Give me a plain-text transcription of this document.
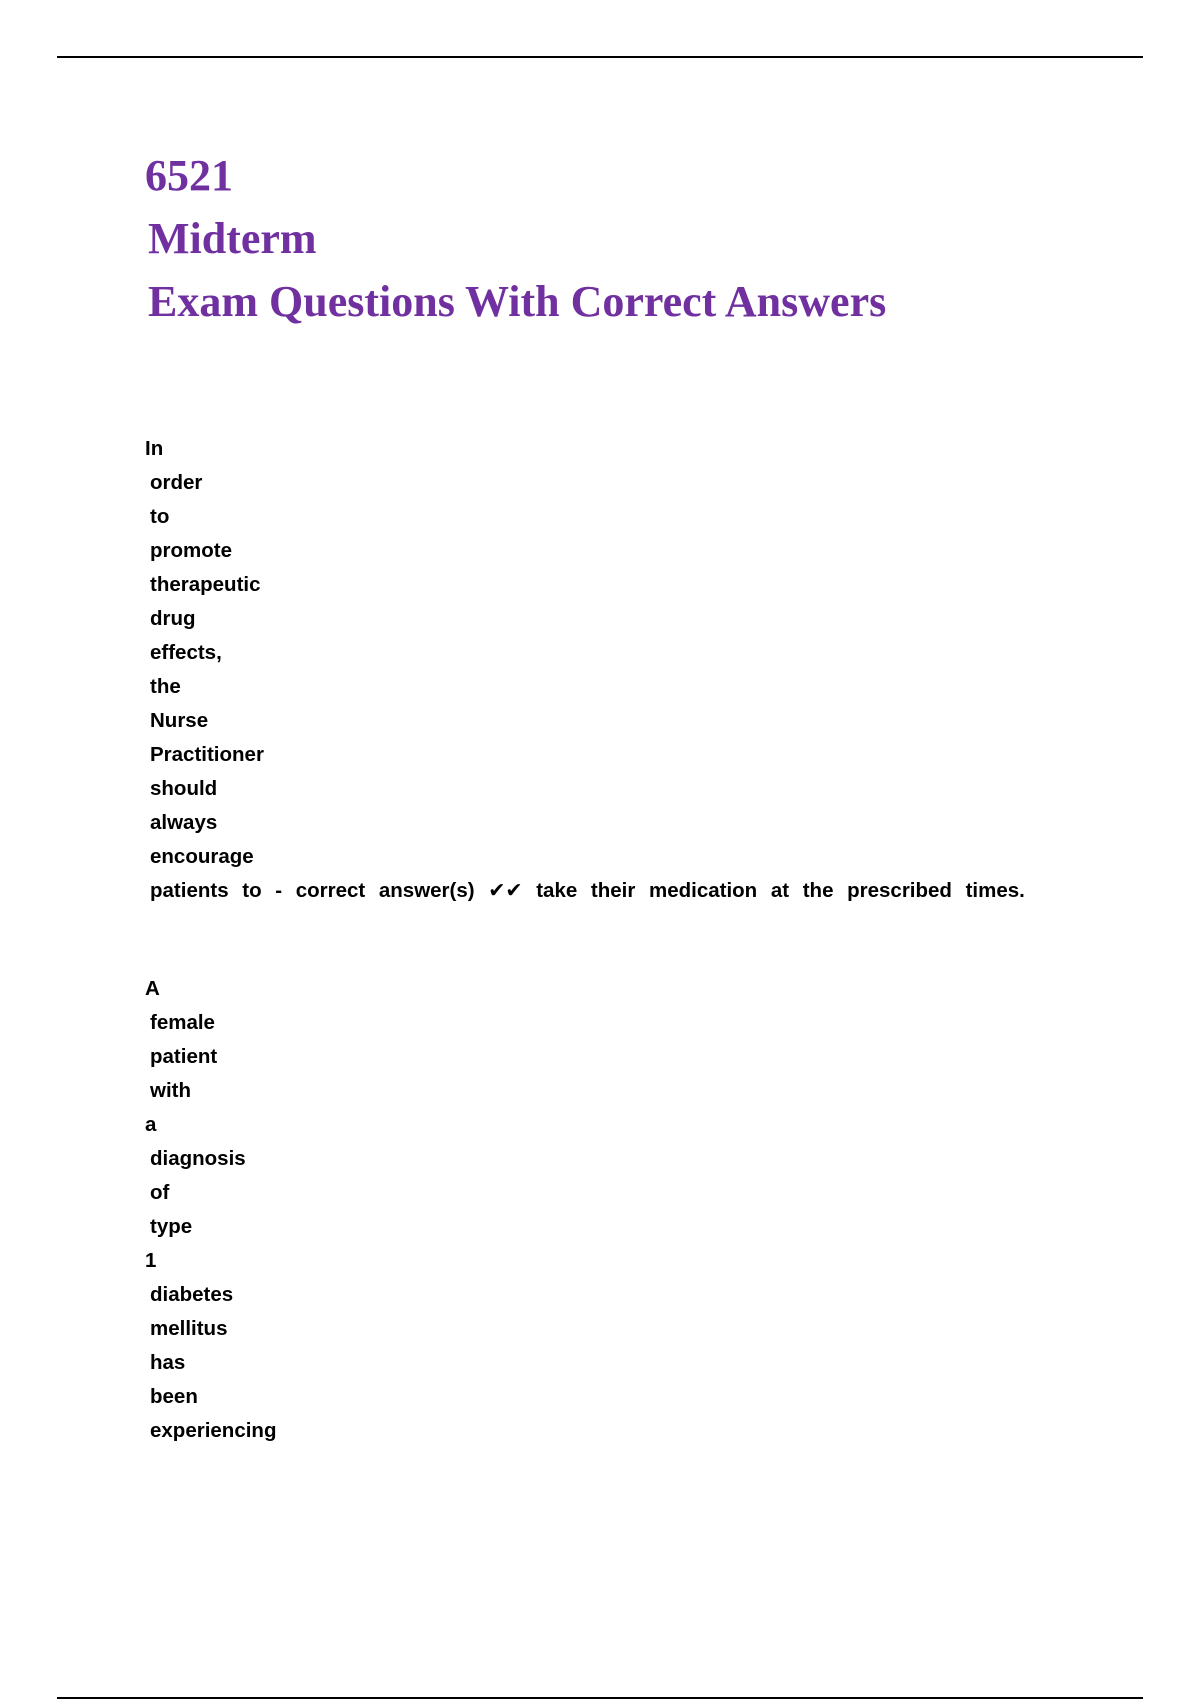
6521
Midterm
Exam Questions With Correct Answers
In
order
to
promote
therapeutic
drug
effects,
the
Nurse
Practitioner
should
always
encourage
patients to - correct answer(s) ✔✔ take their medication at the prescribed times.
A
female
patient
with
a
diagnosis
of
type
1
diabetes
mellitus
has
been
experiencing
